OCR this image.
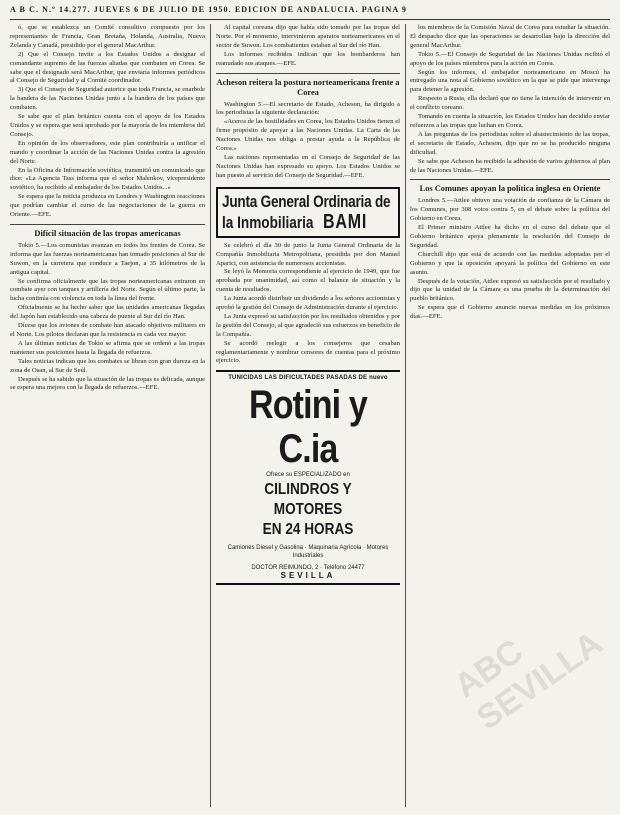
A B C. N.º 14.277. JUEVES 6 DE JULIO DE 1950. EDICION DE ANDALUCIA. PAGINA 9

ó, que se establezca un Comité consultivo compuesto por los representantes de Francia, Gran Bretaña, Holanda, Australia, Nueva Zelanda y Canadá, presidido por el general MacArthur.

2) Que el Consejo invite a los Estados Unidos a designar el comandante supremo de las fuerzas aliadas que combaten en Corea. Se sabe que el designado será MacArthur, que enviaría informes periódicos al Consejo de Seguridad y al Comité coordinador.

3) Que el Consejo de Seguridad autorice que toda Francia, se enarbole la bandera de las Naciones Unidas junto a la bandera de los países que combaten.

Se sabe que el plan británico cuenta con el apoyo de los Estados Unidos y se espera que será aprobado por la mayoría de los miembros del Consejo.

En opinión de los observadores, este plan contribuiría a unificar el mando y coordinar la acción de las Naciones Unidas contra la agresión del Norte.

En la Oficina de Información soviética, transmitió un comunicado que dice: «La Agencia Tass informa que el señor Malenkov, vicepresidente soviético, ha recibido al embajador de los Estados Unidos...»

Se espera que la noticia produzca en Londres y Washington reacciones que podrían cambiar el curso de las negociaciones de la guerra en Oriente.—EFE.

Difícil situación de las tropas americanas

Tokio 5.—Los comunistas avanzan en todos los frentes de Corea. Se informa que las fuerzas norteamericanas han tomado posiciones al Sur de Suwon, en la carretera que conduce a Taejon, a 35 kilómetros de la antigua capital.

Se confirma oficialmente que las tropas norteamericanas entraron en combate ayer con tanques y artillería del Norte. Según el último parte, la lucha continúa con violencia en toda la línea del frente.

Oficialmente se ha hecho saber que las unidades americanas llegadas del Japón han establecido una cabeza de puente al Sur del río Han.

Dícese que los aviones de combate han atacado objetivos militares en el Norte. Los pilotos declaran que la resistencia es cada vez mayor.

A las últimas noticias de Tokio se afirma que se ordenó a las tropas mantener sus posiciones hasta la llegada de refuerzos.

Tales noticias indican que los combates se libran con gran dureza en la zona de Osan, al Sur de Seúl.

Después se ha sabido que la situación de las tropas es delicada, aunque se espera una mejora con la llegada de refuerzos.—EFE.

Al capital coreana dijo que había sido tomado por las tropas del Norte. Por el momento, intervinieron aparatos norteamericanos en el sector de Suwon. Los combatientes estaban al Sur del río Han.

Los informes recibidos indican que los bombarderos han reanudado sus ataques.—EFE.

Acheson reitera la postura norteamericana frente a Corea

Washington 5.—El secretario de Estado, Acheson, ha dirigido a los periodistas la siguiente declaración:

«Acerca de las hostilidades en Corea, los Estados Unidos tienen el firme propósito de apoyar a las Naciones Unidas. La Carta de las Naciones Unidas nos obliga a prestar ayuda a la República de Corea.»

Las naciones representadas en el Consejo de Seguridad de las Naciones Unidas han expresado su apoyo. Los Estados Unidos se han puesto al servicio del Consejo de Seguridad.—EFE.

Junta General Ordinaria de
la Inmobiliaria BAMI

Se celebró el día 30 de junio la Junta General Ordinaria de la Compañía Inmobiliaria Metropolitana, presidida por don Manuel Aparici, con asistencia de numerosos accionistas.

Se leyó la Memoria correspondiente al ejercicio de 1949, que fue aprobada por unanimidad, así como el balance de situación y la cuenta de resultados.

La Junta acordó distribuir un dividendo a los señores accionistas y aprobó la gestión del Consejo de Administración durante el ejercicio.

La Junta expresó su satisfacción por los resultados obtenidos y por la gestión del Consejo, al que agradeció sus esfuerzos en beneficio de la Compañía.

Se acordó reelegir a los consejeros que cesaban reglamentariamente y nombrar censores de cuentas para el próximo ejercicio.

TUNICIDAS LAS DIFICULTADES PASADAS DE nuevo
Rotini y C.ia
Ofrece su ESPECIALIZADO en
CILINDROS Y MOTORES
EN 24 HORAS
Camiones Diesel y Gasolina · Maquinaria Agrícola · Motores Industriales
DOCTOR REIMUNDO, 2 · Teléfono 24477
SEVILLA

los miembros de la Comisión Naval de Corea para estudiar la situación. El despacho dice que las operaciones se desarrollan bajo la dirección del general MacArthur.

Tokio 5.—El Consejo de Seguridad de las Naciones Unidas recibió el apoyo de los países miembros para la acción en Corea.

Según los informes, el embajador norteamericano en Moscú ha entregado una nota al Gobierno soviético en la que se pide que intervenga para detener la agresión.

Respecto a Rusia, ella declaró que no tiene la intención de intervenir en el conflicto coreano.

Tomando en cuenta la situación, los Estados Unidos han decidido enviar refuerzos a las tropas que luchan en Corea.

A las preguntas de los periodistas sobre el abastecimiento de las tropas, el secretario de Estado, Acheson, dijo que no se ha producido ninguna dificultad.

Se sabe que Acheson ha recibido la adhesión de varios gobiernos al plan de las Naciones Unidas.—EFE.

Los Comunes apoyan la política inglesa en Oriente

Londres 5.—Attlee obtuvo una votación de confianza de la Cámara de los Comunes, por 308 votos contra 5, en el debate sobre la política del Gobierno en Corea.

El Primer ministro Attlee ha dicho en el curso del debate que el Gobierno británico apoya plenamente la resolución del Consejo de Seguridad.

Churchill dijo que está de acuerdo con las medidas adoptadas por el Gobierno y que la oposición apoyará la política del Gobierno en este asunto.

Después de la votación, Attlee expresó su satisfacción por el resultado y dijo que la unidad de la Cámara es una prueba de la determinación del pueblo británico.

Se espera que el Gobierno anuncie nuevas medidas en los próximos días.—EFE.

ABC SEVILLA
